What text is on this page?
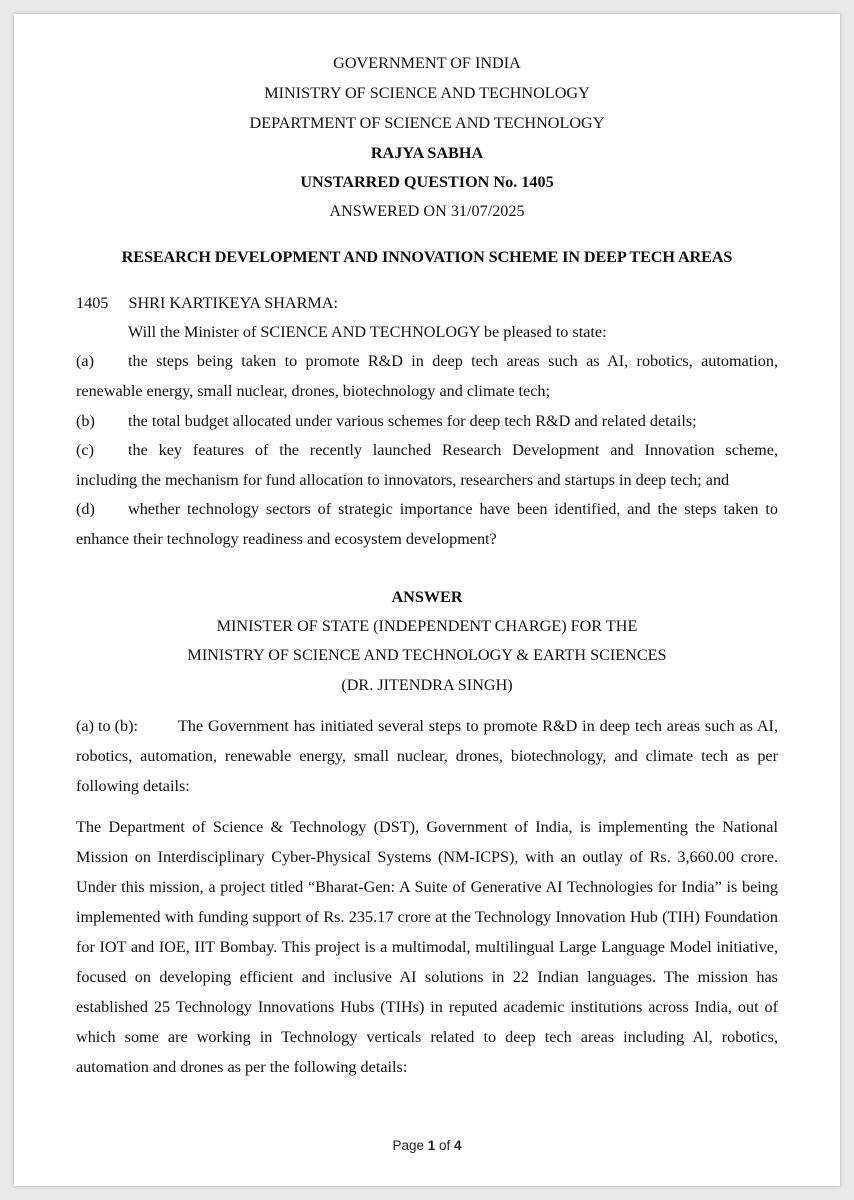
GOVERNMENT OF INDIA
MINISTRY OF SCIENCE AND TECHNOLOGY
DEPARTMENT OF SCIENCE AND TECHNOLOGY
RAJYA SABHA
UNSTARRED QUESTION No. 1405
ANSWERED ON 31/07/2025
RESEARCH DEVELOPMENT AND INNOVATION SCHEME IN DEEP TECH AREAS
1405 SHRI KARTIKEYA SHARMA:
Will the Minister of SCIENCE AND TECHNOLOGY be pleased to state:
(a)	the steps being taken to promote R&D in deep tech areas such as AI, robotics, automation,
renewable energy, small nuclear, drones, biotechnology and climate tech;
(b)	the total budget allocated under various schemes for deep tech R&D and related details;
(c)	the key features of the recently launched Research Development and Innovation scheme,
including the mechanism for fund allocation to innovators, researchers and startups in deep tech; and
(d)	whether technology sectors of strategic importance have been identified, and the steps taken to
enhance their technology readiness and ecosystem development?
ANSWER
MINISTER OF STATE (INDEPENDENT CHARGE) FOR THE
MINISTRY OF SCIENCE AND TECHNOLOGY & EARTH SCIENCES
(DR. JITENDRA SINGH)
(a) to (b): The Government has initiated several steps to promote R&D in deep tech areas such as AI, robotics, automation, renewable energy, small nuclear, drones, biotechnology, and climate tech as per following details:
The Department of Science & Technology (DST), Government of India, is implementing the National Mission on Interdisciplinary Cyber-Physical Systems (NM-ICPS), with an outlay of Rs. 3,660.00 crore. Under this mission, a project titled “Bharat-Gen: A Suite of Generative AI Technologies for India” is being implemented with funding support of Rs. 235.17 crore at the Technology Innovation Hub (TIH) Foundation for IOT and IOE, IIT Bombay. This project is a multimodal, multilingual Large Language Model initiative, focused on developing efficient and inclusive AI solutions in 22 Indian languages. The mission has established 25 Technology Innovations Hubs (TIHs) in reputed academic institutions across India, out of which some are working in Technology verticals related to deep tech areas including Al, robotics, automation and drones as per the following details:
Page 1 of 4
